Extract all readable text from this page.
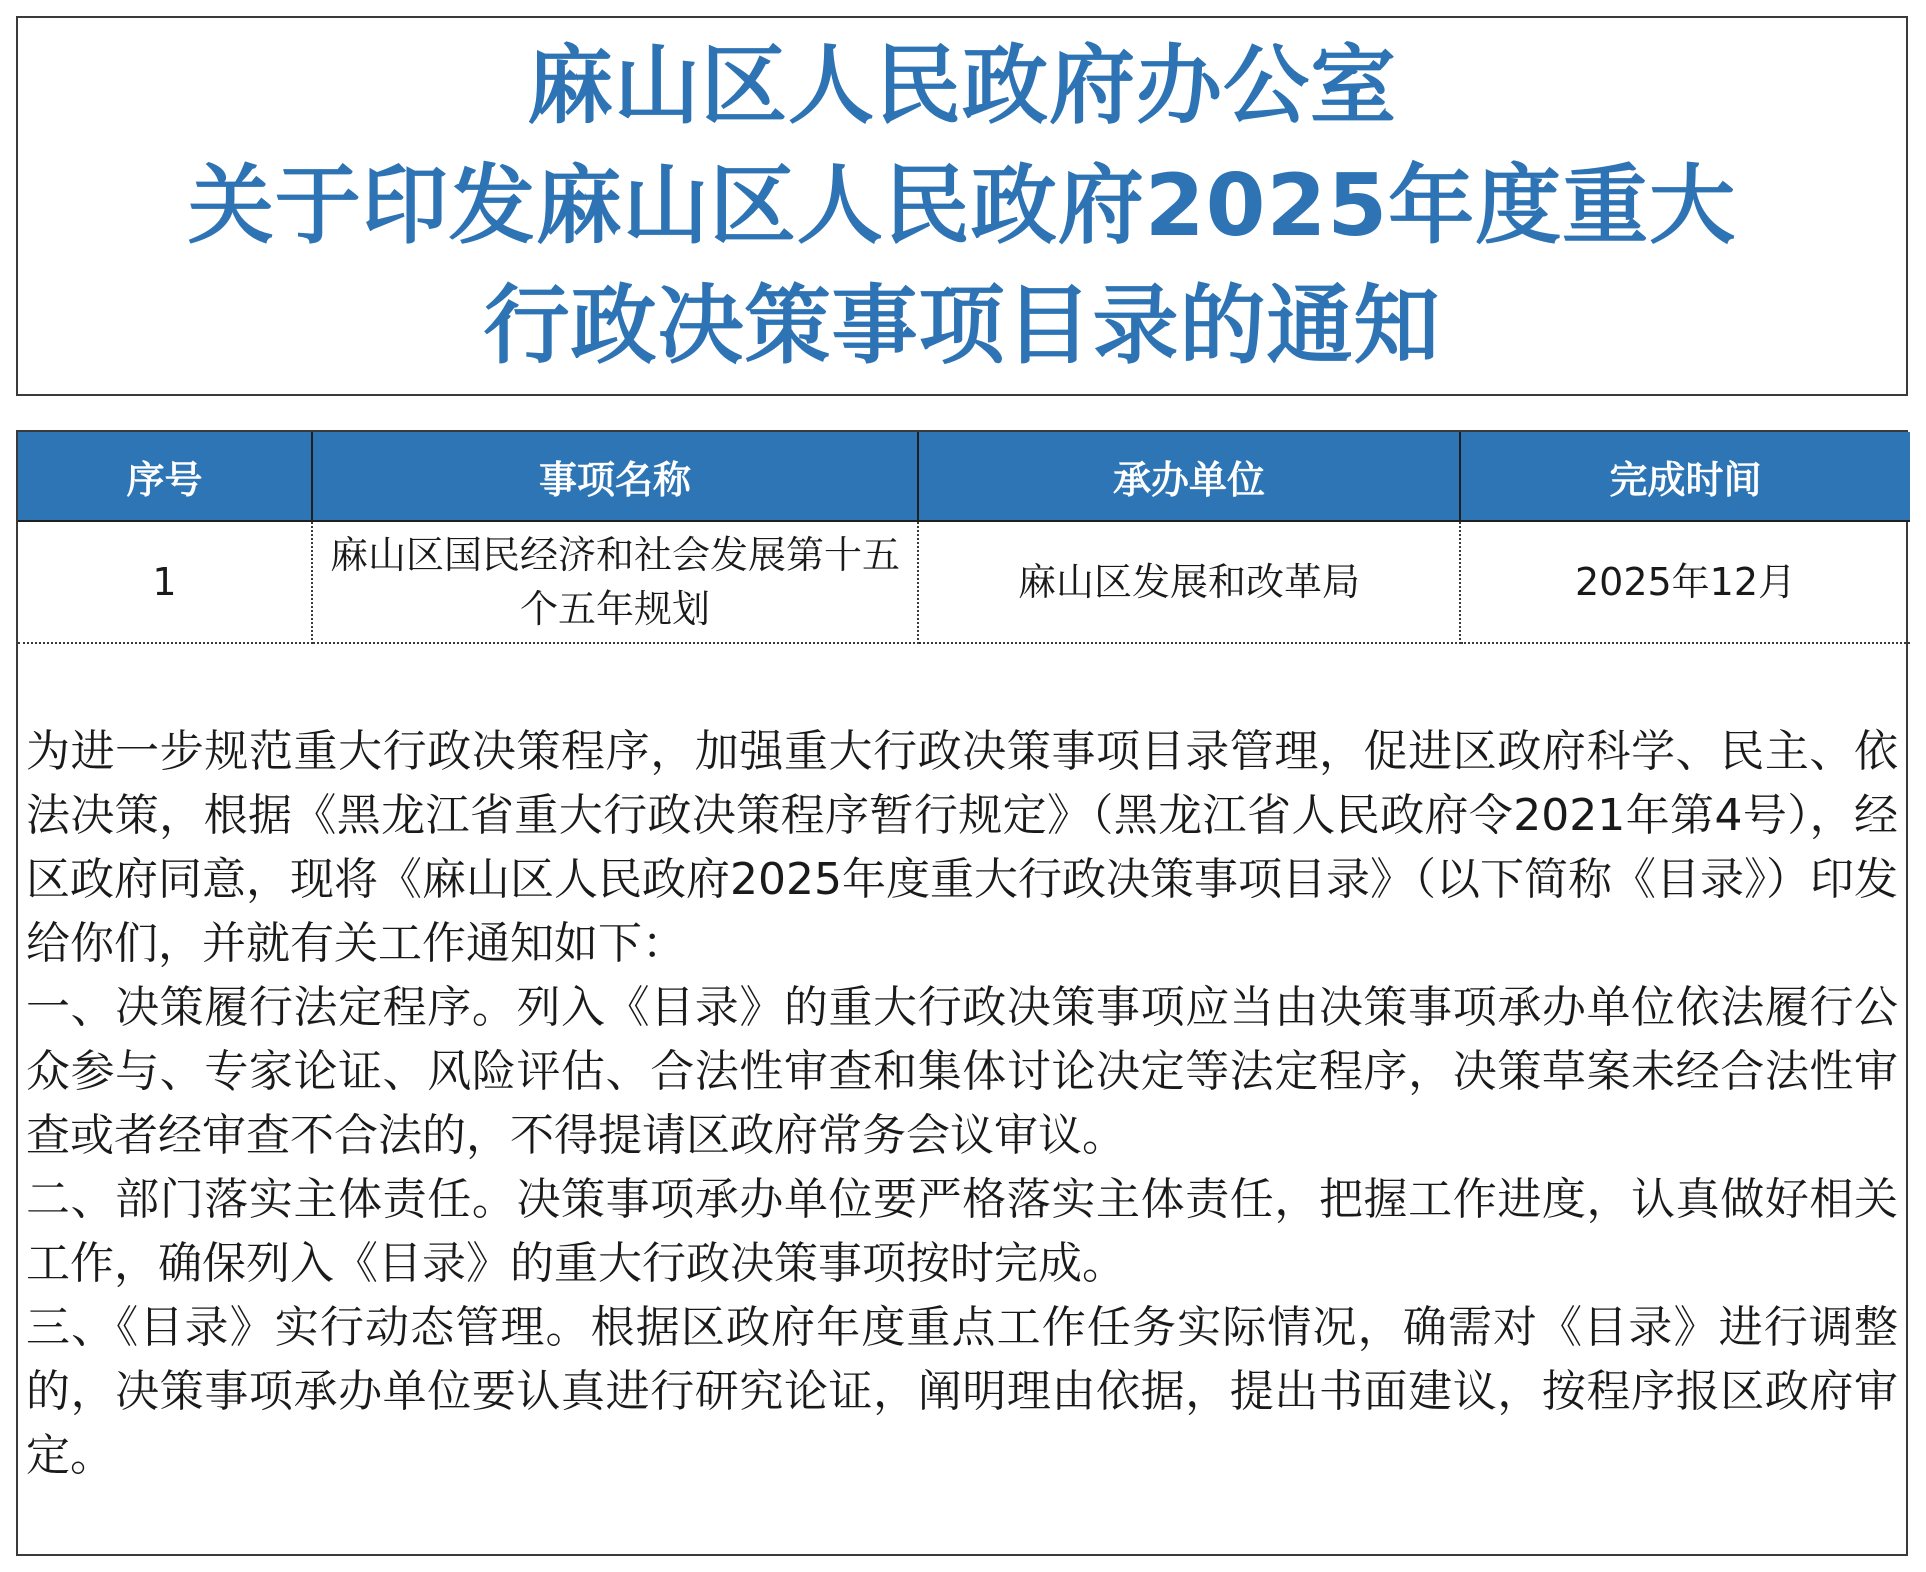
麻山区人民政府办公室
关于印发麻山区人民政府2025年度重大
行政决策事项目录的通知
序号	事项名称	承办单位	完成时间
1	麻山区国民经济和社会发展第十五个五年规划	麻山区发展和改革局	2025年12月

为进一步规范重大行政决策程序，加强重大行政决策事项目录管理，促进区政府科学、民主、依法决策，根据《黑龙江省重大行政决策程序暂行规定》（黑龙江省人民政府令2021年第4号），经区政府同意，现将《麻山区人民政府2025年度重大行政决策事项目录》（以下简称《目录》）印发给你们，并就有关工作通知如下：

一、决策履行法定程序。列入《目录》的重大行政决策事项应当由决策事项承办单位依法履行公众参与、专家论证、风险评估、合法性审查和集体讨论决定等法定程序，决策草案未经合法性审查或者经审查不合法的，不得提请区政府常务会议审议。

二、部门落实主体责任。决策事项承办单位要严格落实主体责任，把握工作进度，认真做好相关工作，确保列入《目录》的重大行政决策事项按时完成。

三、《目录》实行动态管理。根据区政府年度重点工作任务实际情况，确需对《目录》进行调整的，决策事项承办单位要认真进行研究论证，阐明理由依据，提出书面建议，按程序报区政府审定。
